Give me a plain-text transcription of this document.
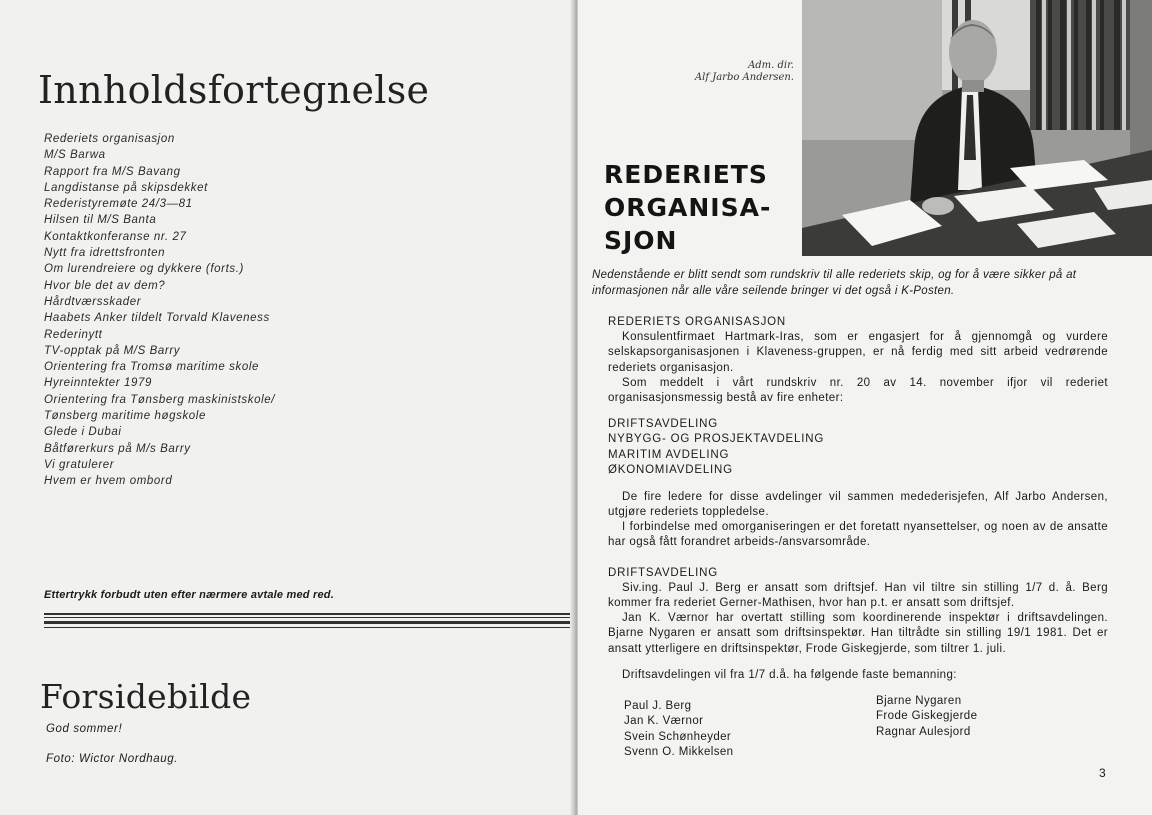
Innholdsfortegnelse
Rederiets organisasjon
M/S Barwa
Rapport fra M/S Bavang
Langdistanse på skipsdekket
Rederistyremøte 24/3—81
Hilsen til M/S Banta
Kontaktkonferanse nr. 27
Nytt fra idrettsfronten
Om lurendreiere og dykkere (forts.)
Hvor ble det av dem?
Hårdtværsskader
Haabets Anker tildelt Torvald Klaveness
Rederinytt
TV-opptak på M/S Barry
Orientering fra Tromsø maritime skole
Hyreinntekter 1979
Orientering fra Tønsberg maskinistskole/
Tønsberg maritime høgskole
Glede i Dubai
Båtførerkurs på M/s Barry
Vi gratulerer
Hvem er hvem ombord
Ettertrykk forbudt uten efter nærmere avtale med red.
Forsidebilde
God sommer!
Foto: Wictor Nordhaug.
Adm. dir.
Alf Jarbo Andersen.
REDERIETS
ORGANISA-
SJON

Nedenstående er blitt sendt som rundskriv til alle rederiets skip, og for å være sikker på at informasjonen når alle våre seilende bringer vi det også i K-Posten.

REDERIETS ORGANISASJON

Konsulentfirmaet Hartmark-Iras, som er engasjert for å gjennomgå og vurdere selskapsorganisasjonen i Klaveness-gruppen, er nå ferdig med sitt arbeid vedrørende rederiets organisasjon.

Som meddelt i vårt rundskriv nr. 20 av 14. november ifjor vil rederiet organisasjonsmessig bestå av fire enheter:

DRIFTSAVDELING
NYBYGG- OG PROSJEKTAVDELING
MARITIM AVDELING
ØKONOMIAVDELING

De fire ledere for disse avdelinger vil sammen medederisjefen, Alf Jarbo Andersen, utgjøre rederiets toppledelse.

I forbindelse med omorganiseringen er det foretatt nyansettelser, og noen av de ansatte har også fått forandret arbeids-/ansvarsområde.

DRIFTSAVDELING

Siv.ing. Paul J. Berg er ansatt som driftsjef. Han vil tiltre sin stilling 1/7 d. å. Berg kommer fra rederiet Gerner-Mathisen, hvor han p.t. er ansatt som driftsjef.

Jan K. Værnor har overtatt stilling som koordinerende inspektør i driftsavdelingen. Bjarne Nygaren er ansatt som driftsinspektør. Han tiltrådte sin stilling 19/1 1981. Det er ansatt ytterligere en driftsinspektør, Frode Giskegjerde, som tiltrer 1. juli.

Driftsavdelingen vil fra 1/7 d.å. ha følgende faste bemanning:

Paul J. Berg
Jan K. Værnor
Svein Schønheyder
Svenn O. Mikkelsen
Bjarne Nygaren
Frode Giskegjerde
Ragnar Aulesjord
3
